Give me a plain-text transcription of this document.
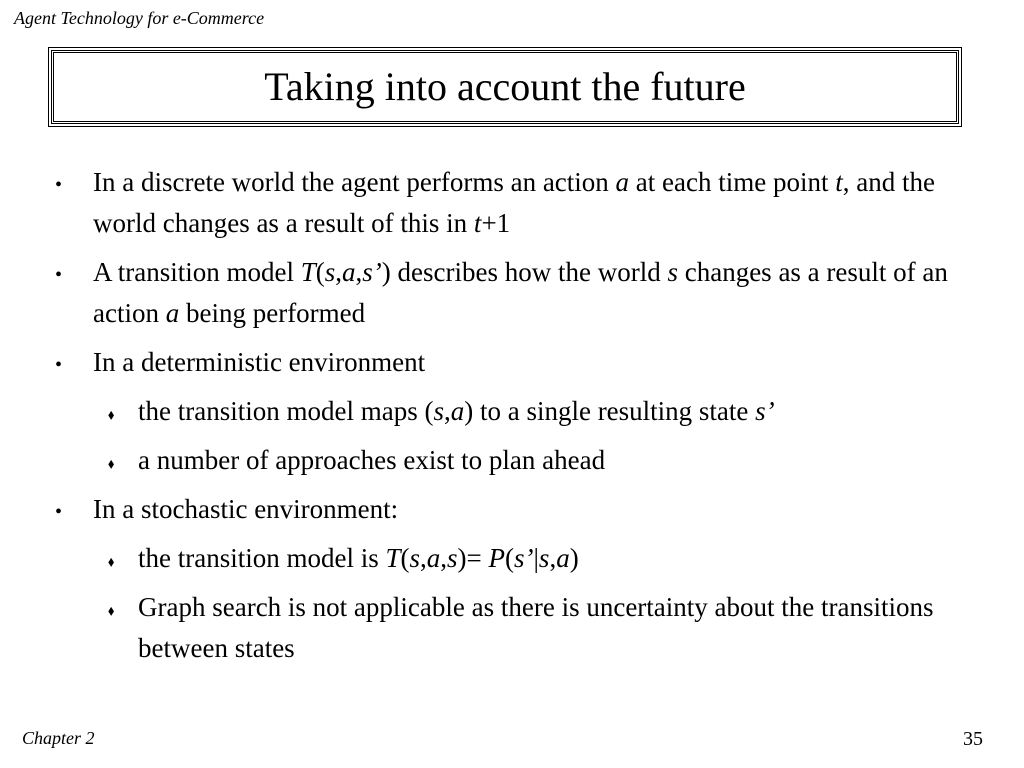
Agent Technology for e-Commerce
Taking into account the future
• In a discrete world the agent performs an action a at each time point t, and the world changes as a result of this in t+1
• A transition model T(s,a,s’) describes how the world s changes as a result of an action a being performed
• In a deterministic environment
⬧ the transition model maps (s,a) to a single resulting state s’
⬧ a number of approaches exist to plan ahead
• In a stochastic environment:
⬧ the transition model is T(s,a,s)= P(s’|s,a)
⬧ Graph search is not applicable as there is uncertainty about the transitions between states
Chapter 2	35
